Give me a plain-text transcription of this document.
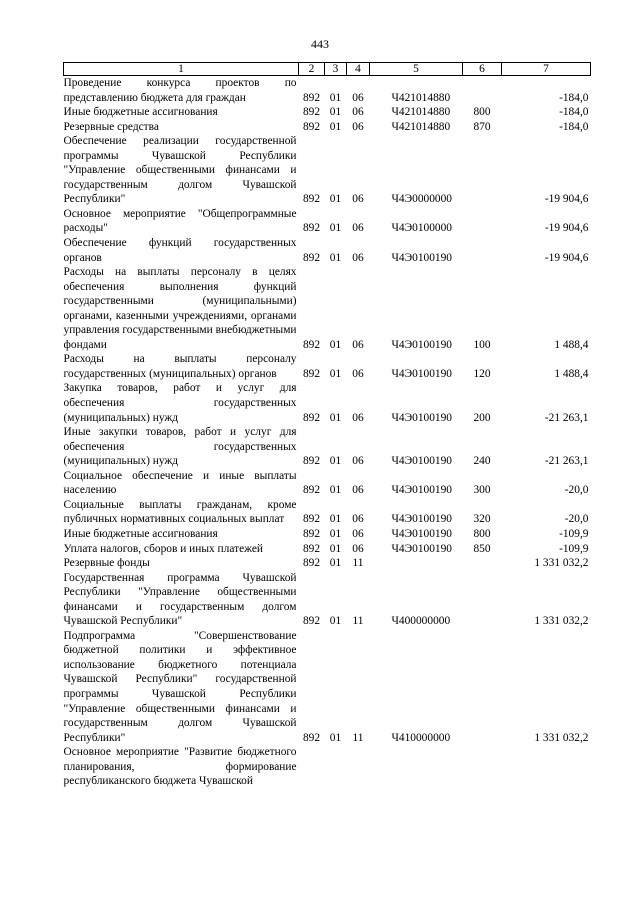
443
1	2	3	4	5	6	7
Проведение конкурса проектов по представлению бюджета для граждан	892	01	06	Ч421014880		-184,0
Иные бюджетные ассигнования	892	01	06	Ч421014880	800	-184,0
Резервные средства	892	01	06	Ч421014880	870	-184,0
Обеспечение реализации государственной программы Чувашской Республики "Управление общественными финансами и государственным долгом Чувашской Республики"	892	01	06	Ч4Э0000000		-19 904,6
Основное мероприятие "Общепрограммные расходы"	892	01	06	Ч4Э0100000		-19 904,6
Обеспечение функций государственных органов	892	01	06	Ч4Э0100190		-19 904,6
Расходы на выплаты персоналу в целях обеспечения выполнения функций государственными (муниципальными) органами, казенными учреждениями, органами управления государственными внебюджетными фондами	892	01	06	Ч4Э0100190	100	1 488,4
Расходы на выплаты персоналу государственных (муниципальных) органов	892	01	06	Ч4Э0100190	120	1 488,4
Закупка товаров, работ и услуг для обеспечения государственных (муниципальных) нужд	892	01	06	Ч4Э0100190	200	-21 263,1
Иные закупки товаров, работ и услуг для обеспечения государственных (муниципальных) нужд	892	01	06	Ч4Э0100190	240	-21 263,1
Социальное обеспечение и иные выплаты населению	892	01	06	Ч4Э0100190	300	-20,0
Социальные выплаты гражданам, кроме публичных нормативных социальных выплат	892	01	06	Ч4Э0100190	320	-20,0
Иные бюджетные ассигнования	892	01	06	Ч4Э0100190	800	-109,9
Уплата налогов, сборов и иных платежей	892	01	06	Ч4Э0100190	850	-109,9
Резервные фонды	892	01	11			1 331 032,2
Государственная программа Чувашской Республики "Управление общественными финансами и государственным долгом Чувашской Республики"	892	01	11	Ч400000000		1 331 032,2
Подпрограмма "Совершенствование бюджетной политики и эффективное использование бюджетного потенциала Чувашской Республики" государственной программы Чувашской Республики "Управление общественными финансами и государственным долгом Чувашской Республики"	892	01	11	Ч410000000		1 331 032,2
Основное мероприятие "Развитие бюджетного планирования, формирование республиканского бюджета Чувашской						
